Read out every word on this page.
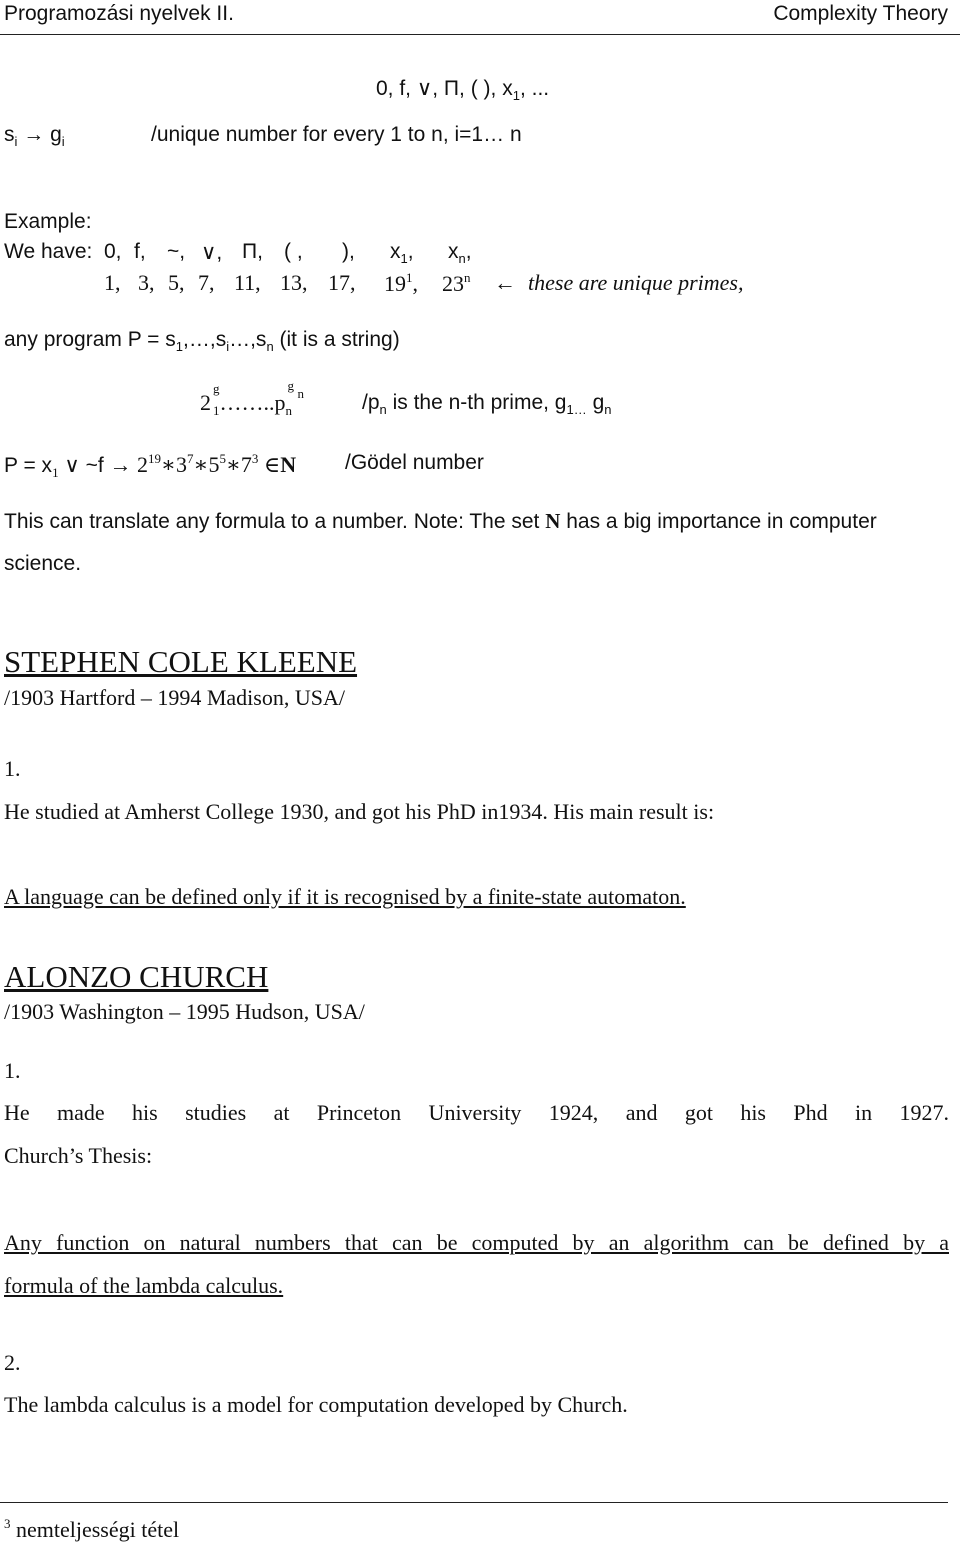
Programozási nyelvek II.	Complexity Theory
0, f, ∨, Π, ( ), $x_1$, ...
$s_i \to g_i$	/unique number for every 1 to n, i=1… n
Example:
We have: 0, f, ~, ∨, Π, ( , ), $x_1$, $x_n$,
1, 3, 5, 7, 11, 13, 17, $19^1$, 23$^n$ ← these are unique primes,
any program $P = s_1,\dots,s_i\dots,s_n$ (it is a string)
2
g
$_1\dots\dots..p_n$
g
n	$/p_n$ is the n-th prime, $g_{1\dots}$ $g_n$
$P = x_1$ ∨ ~f → $2^{19}∗3^7∗5^5∗7^3$ ∈N /Gödel number
This can translate any formula to a number. Note: The set N has a big importance in computer
science.
STEPHEN COLE KLEENE
/1903 Hartford – 1994 Madison, USA/
1.
He studied at Amherst College 1930, and got his PhD in1934. His main result is:
A language can be defined only if it is recognised by a finite-state automaton.
ALONZO CHURCH
/1903 Washington – 1995 Hudson, USA/
1.
He made his studies at Princeton University 1924, and got his Phd in 1927.
Church’s Thesis:
Any function on natural numbers that can be computed by an algorithm can be defined by a
formula of the lambda calculus.
2.
The lambda calculus is a model for computation developed by Church.
$^3$ nemteljességi tétel
